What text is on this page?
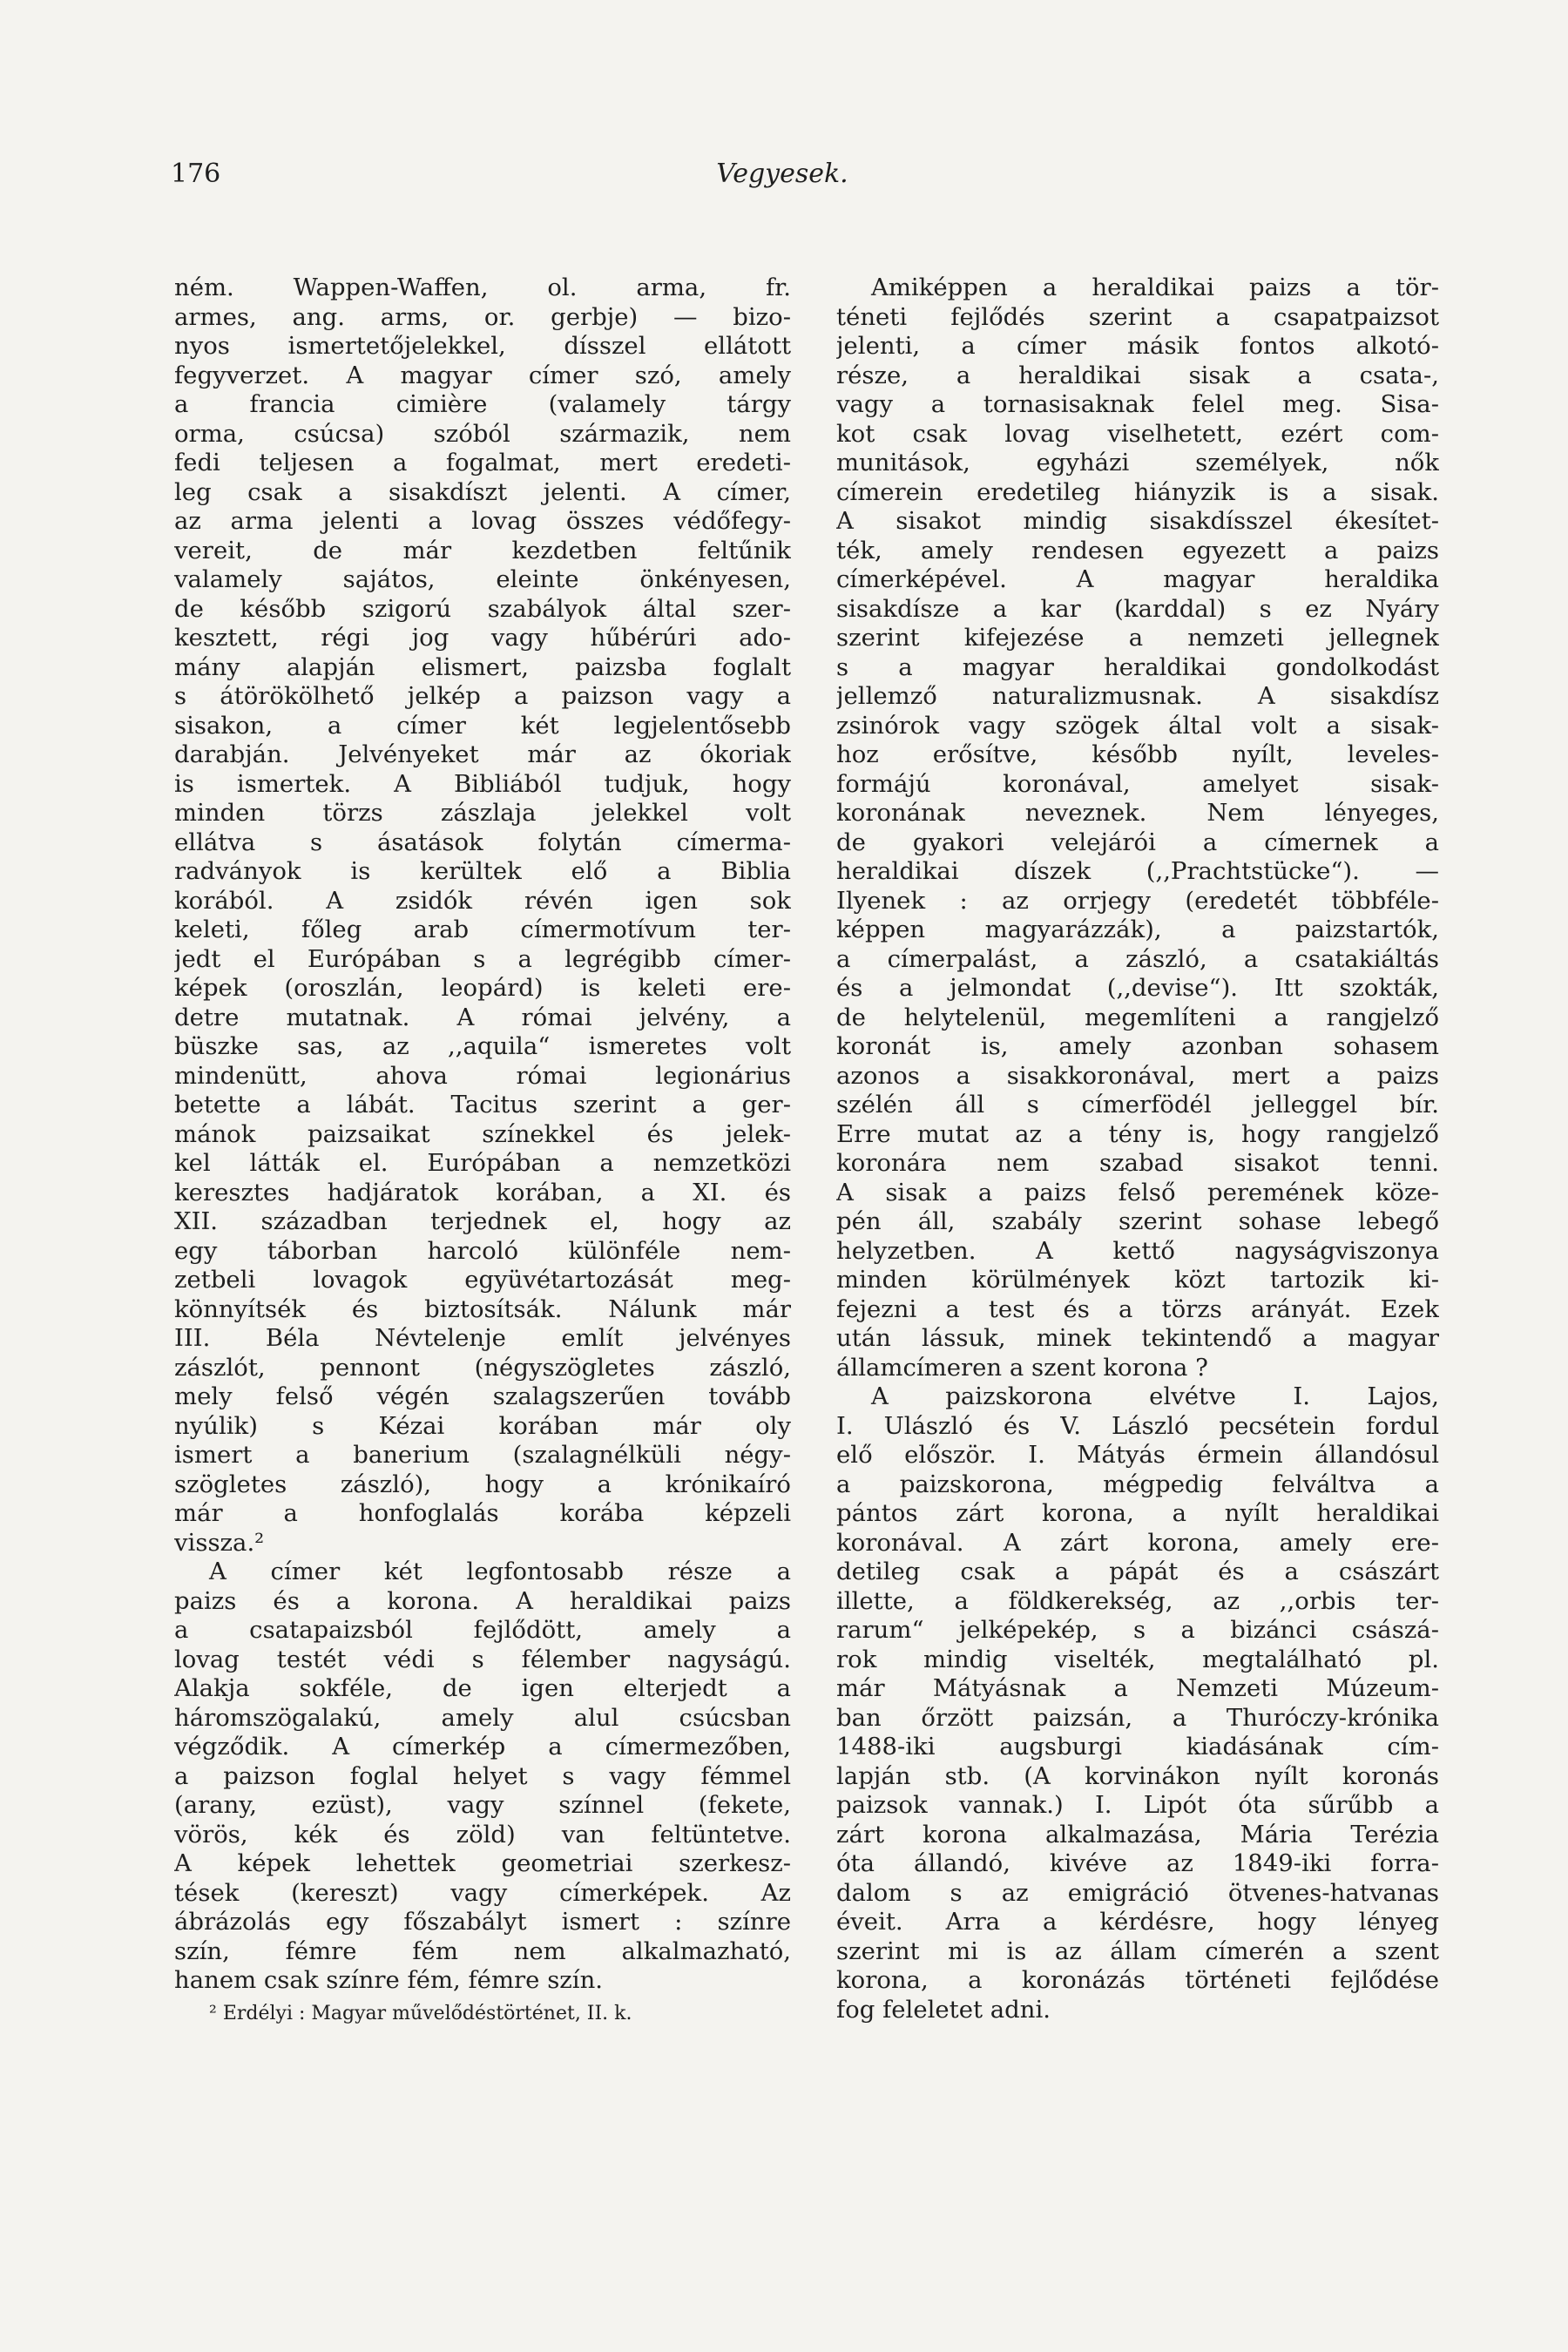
176	Vegyesek.
ném. Wappen-Waffen, ol. arma, fr.
armes, ang. arms, or. gerbje) — bizo-
nyos ismertetőjelekkel, dísszel ellátott
fegyverzet. A magyar címer szó, amely
a francia cimière (valamely tárgy
orma, csúcsa) szóból származik, nem
fedi teljesen a fogalmat, mert eredeti-
leg csak a sisakdíszt jelenti. A címer,
az arma jelenti a lovag összes védőfegy-
vereit, de már kezdetben feltűnik
valamely sajátos, eleinte önkényesen,
de később szigorú szabályok által szer-
kesztett, régi jog vagy hűbérúri ado-
mány alapján elismert, paizsba foglalt
s átörökölhető jelkép a paizson vagy a
sisakon, a címer két legjelentősebb
darabján. Jelvényeket már az ókoriak
is ismertek. A Bibliából tudjuk, hogy
minden törzs zászlaja jelekkel volt
ellátva s ásatások folytán címerma-
radványok is kerültek elő a Biblia
korából. A zsidók révén igen sok
keleti, főleg arab címermotívum ter-
jedt el Európában s a legrégibb címer-
képek (oroszlán, leopárd) is keleti ere-
detre mutatnak. A római jelvény, a
büszke sas, az ,,aquila“ ismeretes volt
mindenütt, ahova római legionárius
betette a lábát. Tacitus szerint a ger-
mánok paizsaikat színekkel és jelek-
kel látták el. Európában a nemzetközi
keresztes hadjáratok korában, a XI. és
XII. században terjednek el, hogy az
egy táborban harcoló különféle nem-
zetbeli lovagok együvétartozását meg-
könnyítsék és biztosítsák. Nálunk már
III. Béla Névtelenje említ jelvényes
zászlót, pennont (négyszögletes zászló,
mely felső végén szalagszerűen tovább
nyúlik) s Kézai korában már oly
ismert a banerium (szalagnélküli négy-
szögletes zászló), hogy a krónikaíró
már a honfoglalás korába képzeli
vissza.²
A címer két legfontosabb része a
paizs és a korona. A heraldikai paizs
a csatapaizsból fejlődött, amely a
lovag testét védi s félember nagyságú.
Alakja sokféle, de igen elterjedt a
háromszögalakú, amely alul csúcsban
végződik. A címerkép a címermezőben,
a paizson foglal helyet s vagy fémmel
(arany, ezüst), vagy színnel (fekete,
vörös, kék és zöld) van feltüntetve.
A képek lehettek geometriai szerkesz-
tések (kereszt) vagy címerképek. Az
ábrázolás egy főszabályt ismert : színre
szín, fémre fém nem alkalmazható,
hanem csak színre fém, fémre szín.
² Erdélyi : Magyar művelődéstörténet, II. k.
Amiképpen a heraldikai paizs a tör-
téneti fejlődés szerint a csapatpaizsot
jelenti, a címer másik fontos alkotó-
része, a heraldikai sisak a csata-,
vagy a tornasisaknak felel meg. Sisa-
kot csak lovag viselhetett, ezért com-
munitások, egyházi személyek, nők
címerein eredetileg hiányzik is a sisak.
A sisakot mindig sisakdísszel ékesítet-
ték, amely rendesen egyezett a paizs
címerképével. A magyar heraldika
sisakdísze a kar (karddal) s ez Nyáry
szerint kifejezése a nemzeti jellegnek
s a magyar heraldikai gondolkodást
jellemző naturalizmusnak. A sisakdísz
zsinórok vagy szögek által volt a sisak-
hoz erősítve, később nyílt, leveles-
formájú koronával, amelyet sisak-
koronának neveznek. Nem lényeges,
de gyakori velejárói a címernek a
heraldikai díszek (,,Prachtstücke“). —
Ilyenek : az orrjegy (eredetét többféle-
képpen magyarázzák), a paizstartók,
a címerpalást, a zászló, a csatakiáltás
és a jelmondat (,,devise“). Itt szokták,
de helytelenül, megemlíteni a rangjelző
koronát is, amely azonban sohasem
azonos a sisakkoronával, mert a paizs
szélén áll s címerfödél jelleggel bír.
Erre mutat az a tény is, hogy rangjelző
koronára nem szabad sisakot tenni.
A sisak a paizs felső peremének köze-
pén áll, szabály szerint sohase lebegő
helyzetben. A kettő nagyságviszonya
minden körülmények közt tartozik ki-
fejezni a test és a törzs arányát. Ezek
után lássuk, minek tekintendő a magyar
államcímeren a szent korona ?
A paizskorona elvétve I. Lajos,
I. Ulászló és V. László pecsétein fordul
elő először. I. Mátyás érmein állandósul
a paizskorona, mégpedig felváltva a
pántos zárt korona, a nyílt heraldikai
koronával. A zárt korona, amely ere-
detileg csak a pápát és a császárt
illette, a földkerekség, az ,,orbis ter-
rarum“ jelképekép, s a bizánci császá-
rok mindig viselték, megtalálható pl.
már Mátyásnak a Nemzeti Múzeum-
ban őrzött paizsán, a Thuróczy-krónika
1488-iki augsburgi kiadásának cím-
lapján stb. (A korvinákon nyílt koronás
paizsok vannak.) I. Lipót óta sűrűbb a
zárt korona alkalmazása, Mária Terézia
óta állandó, kivéve az 1849-iki forra-
dalom s az emigráció ötvenes-hatvanas
éveit. Arra a kérdésre, hogy lényeg
szerint mi is az állam címerén a szent
korona, a koronázás történeti fejlődése
fog feleletet adni.
